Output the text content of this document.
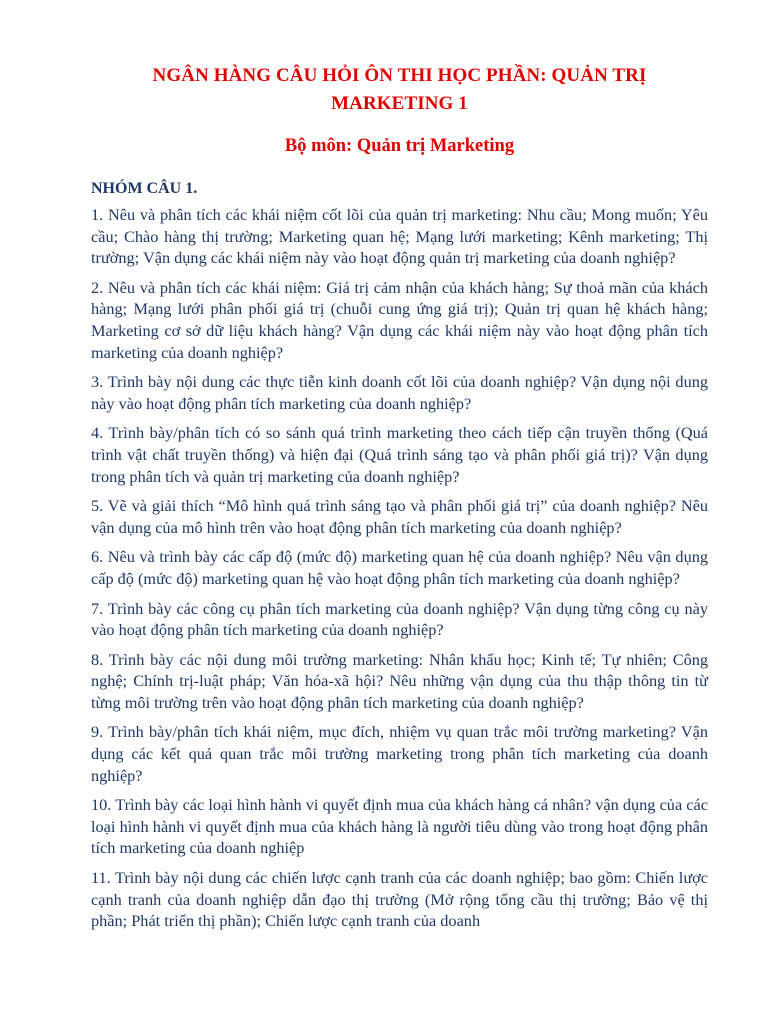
NGÂN HÀNG CÂU HỎI ÔN THI HỌC PHẦN: QUẢN TRỊ MARKETING 1
Bộ môn: Quản trị Marketing
NHÓM CÂU 1.
1. Nêu và phân tích các khái niệm cốt lõi của quản trị marketing: Nhu cầu; Mong muốn; Yêu cầu; Chào hàng thị trường; Marketing quan hệ; Mạng lưới marketing; Kênh marketing; Thị trường; Vận dụng các khái niệm này vào hoạt động quản trị marketing của doanh nghiệp?
2. Nêu và phân tích các khái niệm: Giá trị cảm nhận của khách hàng; Sự thoả mãn của khách hàng; Mạng lưới phân phối giá trị (chuỗi cung ứng giá trị); Quản trị quan hệ khách hàng; Marketing cơ sở dữ liệu khách hàng? Vận dụng các khái niệm này vào hoạt động phân tích marketing của doanh nghiệp?
3. Trình bày nội dung các thực tiễn kinh doanh cốt lõi của doanh nghiệp? Vận dụng nội dung này vào hoạt động phân tích marketing của doanh nghiệp?
4. Trình bày/phân tích có so sánh quá trình marketing theo cách tiếp cận truyền thống (Quá trình vật chất truyền thống) và hiện đại (Quá trình sáng tạo và phân phối giá trị)? Vận dụng trong phân tích và quản trị marketing của doanh nghiệp?
5. Vẽ và giải thích “Mô hình quá trình sáng tạo và phân phối giá trị” của doanh nghiệp? Nêu vận dụng của mô hình trên vào hoạt động phân tích marketing của doanh nghiệp?
6. Nêu và trình bày các cấp độ (mức độ) marketing quan hệ của doanh nghiệp? Nêu vận dụng cấp độ (mức độ) marketing quan hệ vào hoạt động phân tích marketing của doanh nghiệp?
7. Trình bày các công cụ phân tích marketing của doanh nghiệp? Vận dụng từng công cụ này vào hoạt động phân tích marketing của doanh nghiệp?
8. Trình bày các nội dung môi trường marketing: Nhân khẩu học; Kinh tế; Tự nhiên; Công nghệ; Chính trị-luật pháp; Văn hóa-xã hội? Nêu những vận dụng của thu thập thông tin từ từng môi trường trên vào hoạt động phân tích marketing của doanh nghiệp?
9. Trình bày/phân tích khái niệm, mục đích, nhiệm vụ quan trắc môi trường marketing? Vận dụng các kết quả quan trắc môi trường marketing trong phân tích marketing của doanh nghiệp?
10. Trình bày các loại hình hành vi quyết định mua của khách hàng cá nhân? vận dụng của các loại hình hành vi quyết định mua của khách hàng là người tiêu dùng vào trong hoạt động phân tích marketing của doanh nghiệp
11. Trình bày nội dung các chiến lược cạnh tranh của các doanh nghiệp; bao gồm: Chiến lược cạnh tranh của doanh nghiệp dẫn đạo thị trường (Mở rộng tổng cầu thị trường; Bảo vệ thị phần; Phát triển thị phần); Chiến lược cạnh tranh của doanh
